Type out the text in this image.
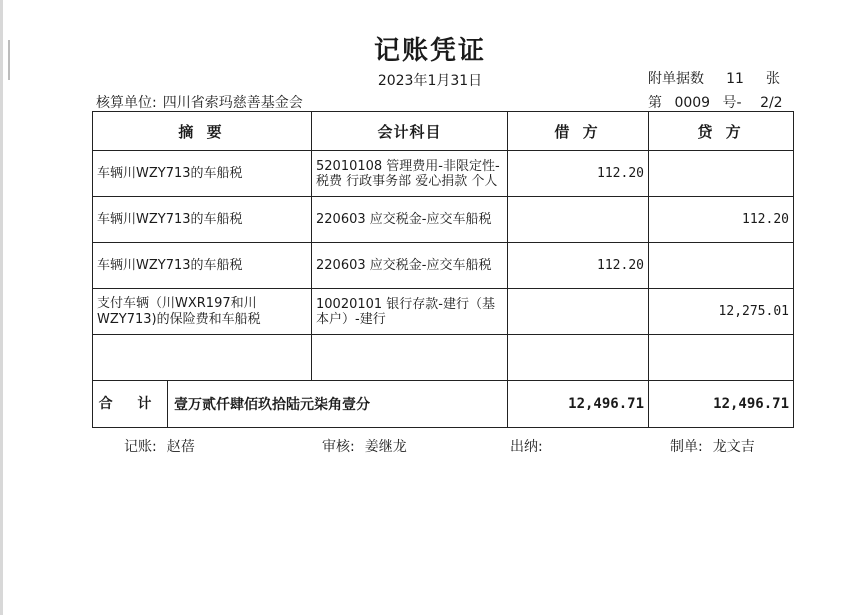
记账凭证
2023年1月31日	附单据数 11 张
核算单位: 四川省索玛慈善基金会	第 0009 号- 2/2
摘 要	会计科目	借 方	贷 方
车辆川WZY713的车船税	52010108 管理费用-非限定性-税费 行政事务部 爱心捐款 个人	112.20	
车辆川WZY713的车船税	220603 应交税金-应交车船税		112.20
车辆川WZY713的车船税	220603 应交税金-应交车船税	112.20	
支付车辆（川WXR197和川WZY713)的保险费和车船税	10020101 银行存款-建行（基本户）-建行		12,275.01

合 计 壹万贰仟肆佰玖拾陆元柒角壹分		12,496.71	12,496.71
记账: 赵蓓	审核: 姜继龙	出纳:	制单: 龙文吉
